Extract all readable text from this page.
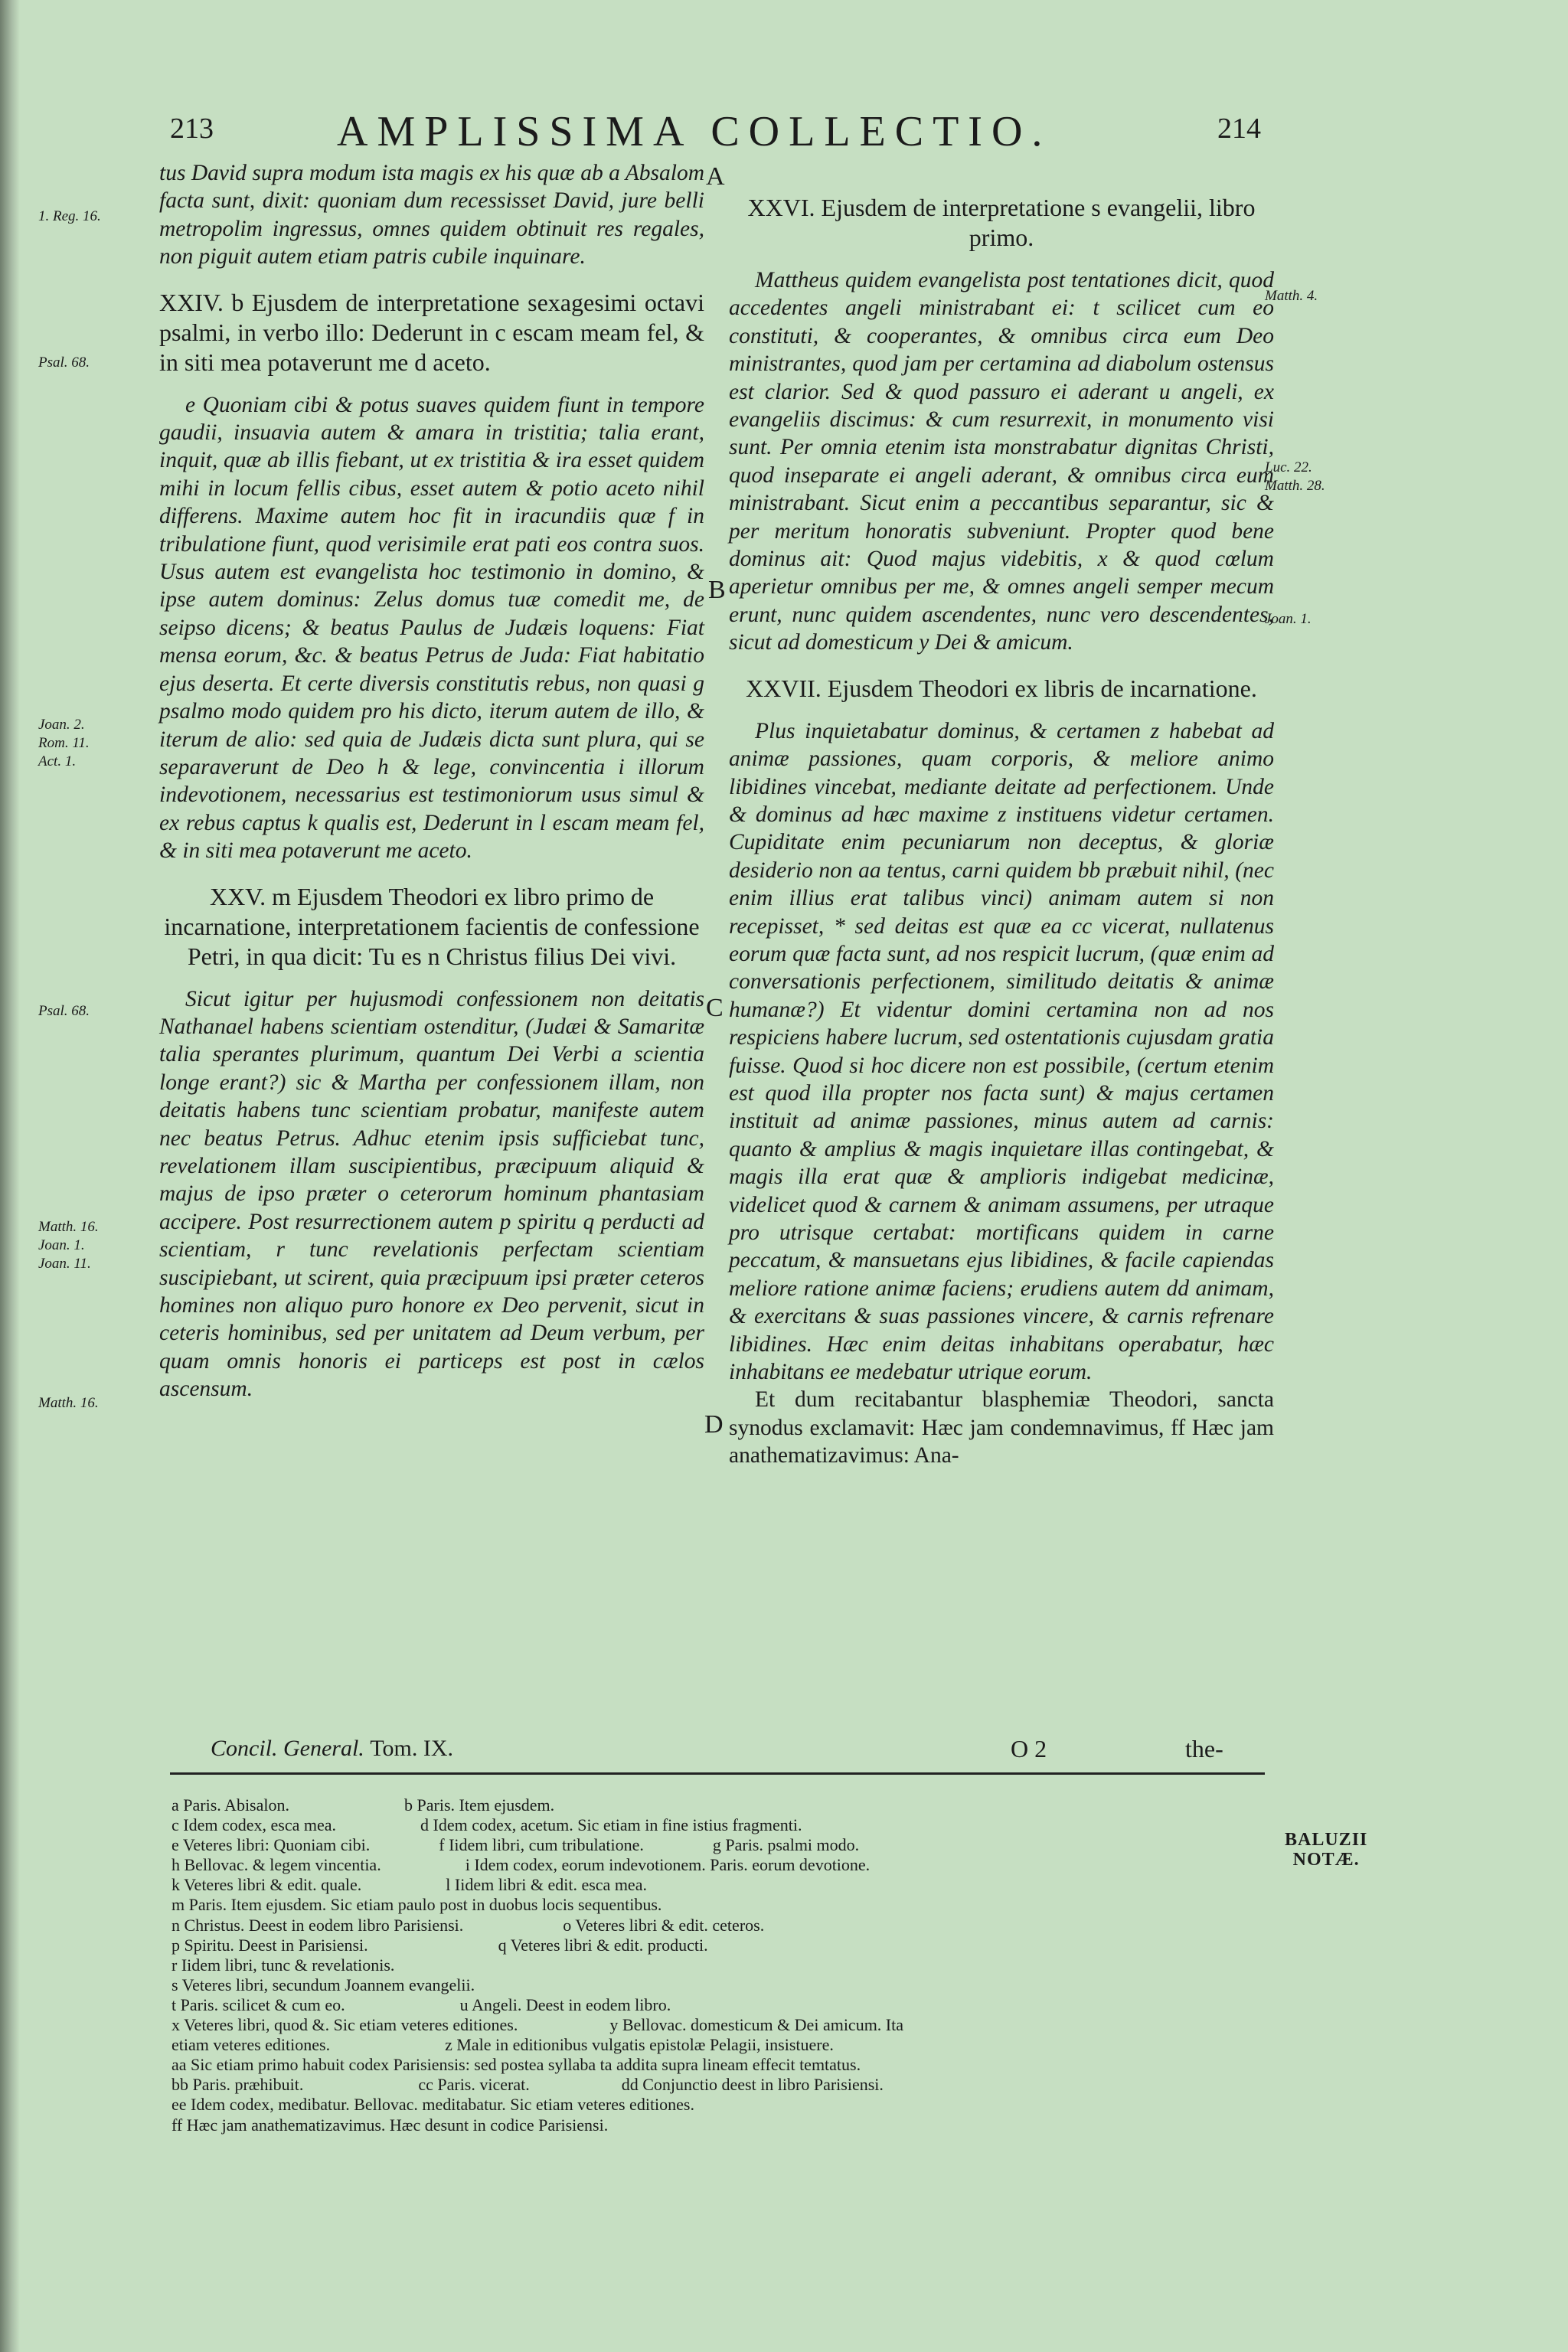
213	AMPLISSIMA COLLECTIO.	214

tus David supra modum ista magis ex his quæ ab a Absalom facta sunt, dixit: quoniam dum recessisset David, jure belli metropolim ingressus, omnes quidem obtinuit res regales, non piguit autem etiam patris cubile inquinare.

XXIV. b Ejusdem de interpretatione sexagesimi octavi psalmi, in verbo illo: Dederunt in c escam meam fel, & in siti mea potaverunt me d aceto.

e Quoniam cibi & potus suaves quidem fiunt in tempore gaudii, insuavia autem & amara in tristitia; talia erant, inquit, quæ ab illis fiebant, ut ex tristitia & ira esset quidem mihi in locum fellis cibus, esset autem & potio aceto nihil differens. Maxime autem hoc fit in iracundiis quæ f in tribulatione fiunt, quod verisimile erat pati eos contra suos. Usus autem est evangelista hoc testimonio in domino, & ipse autem dominus: Zelus domus tuæ comedit me, de seipso dicens; & beatus Paulus de Judæis loquens: Fiat mensa eorum, &c. & beatus Petrus de Juda: Fiat habitatio ejus deserta. Et certe diversis constitutis rebus, non quasi g psalmo modo quidem pro his dicto, iterum autem de illo, & iterum de alio: sed quia de Judæis dicta sunt plura, qui se separaverunt de Deo h & lege, convincentia i illorum indevotionem, necessarius est testimoniorum usus simul & ex rebus captus k qualis est, Dederunt in l escam meam fel, & in siti mea potaverunt me aceto.

XXV. m Ejusdem Theodori ex libro primo de incarnatione, interpretationem facientis de confessione Petri, in qua dicit: Tu es n Christus filius Dei vivi.

Sicut igitur per hujusmodi confessionem non deitatis Nathanael habens scientiam ostenditur, (Judæi & Samaritæ talia sperantes plurimum, quantum Dei Verbi a scientia longe erant?) sic & Martha per confessionem illam, non deitatis habens tunc scientiam probatur, manifeste autem nec beatus Petrus. Adhuc etenim ipsis sufficiebat tunc, revelationem illam suscipientibus, præcipuum aliquid & majus de ipso præter o ceterorum hominum phantasiam accipere. Post resurrectionem autem p spiritu q perducti ad scientiam, r tunc revelationis perfectam scientiam suscipiebant, ut scirent, quia præcipuum ipsi præter ceteros homines non aliquo puro honore ex Deo pervenit, sicut in ceteris hominibus, sed per unitatem ad Deum verbum, per quam omnis honoris ei particeps est post in cælos ascensum.

XXVI. Ejusdem de interpretatione s evangelii, libro primo.

Mattheus quidem evangelista post tentationes dicit, quod accedentes angeli ministrabant ei: t scilicet cum eo constituti, & cooperantes, & omnibus circa eum Deo ministrantes, quod jam per certamina ad diabolum ostensus est clarior. Sed & quod passuro ei aderant u angeli, ex evangeliis discimus: & cum resurrexit, in monumento visi sunt. Per omnia etenim ista monstrabatur dignitas Christi, quod inseparate ei angeli aderant, & omnibus circa eum ministrabant. Sicut enim a peccantibus separantur, sic & per meritum honoratis subveniunt. Propter quod bene dominus ait: Quod majus videbitis, x & quod cœlum aperietur omnibus per me, & omnes angeli semper mecum erunt, nunc quidem ascendentes, nunc vero descendentes, sicut ad domesticum y Dei & amicum.

XXVII. Ejusdem Theodori ex libris de incarnatione.

Plus inquietabatur dominus, & certamen z habebat ad animæ passiones, quam corporis, & meliore animo libidines vincebat, mediante deitate ad perfectionem. Unde & dominus ad hæc maxime z instituens videtur certamen. Cupiditate enim pecuniarum non deceptus, & gloriæ desiderio non aa tentus, carni quidem bb præbuit nihil, (nec enim illius erat talibus vinci) animam autem si non recepisset, * sed deitas est quæ ea cc vicerat, nullatenus eorum quæ facta sunt, ad nos respicit lucrum, (quæ enim ad conversationis perfectionem, similitudo deitatis & animæ humanæ?) Et videntur domini certamina non ad nos respiciens habere lucrum, sed ostentationis cujusdam gratia fuisse. Quod si hoc dicere non est possibile, (certum etenim est quod illa propter nos facta sunt) & majus certamen instituit ad animæ passiones, minus autem ad carnis: quanto & amplius & magis inquietare illas contingebat, & magis illa erat quæ & amplioris indigebat medicinæ, videlicet quod & carnem & animam assumens, per utraque pro utrisque certabat: mortificans quidem in carne peccatum, & mansuetans ejus libidines, & facile capiendas meliore ratione animæ faciens; erudiens autem dd animam, & exercitans & suas passiones vincere, & carnis refrenare libidines. Hæc enim deitas inhabitans operabatur, hæc inhabitans ee medebatur utrique eorum.

Et dum recitabantur blasphemiæ Theodori, sancta synodus exclamavit: Hæc jam condemnavimus, ff Hæc jam anathematizavimus: Ana-

A
B
C
D
1. Reg. 16.
Psal. 68.
Joan. 2.
Rom. 11.
Act. 1.
Psal. 68.
Matth. 16.
Joan. 1.
Joan. 11.
Matth. 16.
Matth. 4.
Luc. 22.
Matth. 28.
Joan. 1.
Concil. General. Tom. IX.	O 2	the-
a Paris. Abisalon.	b Paris. Item ejusdem.
c Idem codex, esca mea.	d Idem codex, acetum. Sic etiam in fine istius fragmenti.
e Veteres libri: Quoniam cibi.	f Iidem libri, cum tribulatione.	g Paris. psalmi modo.
h Bellovac. & legem vincentia.	i Idem codex, eorum indevotionem. Paris. eorum devotione.
k Veteres libri & edit. quale.	l Iidem libri & edit. esca mea.
m Paris. Item ejusdem. Sic etiam paulo post in duobus locis sequentibus.
n Christus. Deest in eodem libro Parisiensi.	o Veteres libri & edit. ceteros.
p Spiritu. Deest in Parisiensi.	q Veteres libri & edit. producti.
r Iidem libri, tunc & revelationis.
s Veteres libri, secundum Joannem evangelii.
t Paris. scilicet & cum eo.	u Angeli. Deest in eodem libro.
x Veteres libri, quod &. Sic etiam veteres editiones.	y Bellovac. domesticum & Dei amicum. Ita
etiam veteres editiones.	z Male in editionibus vulgatis epistolæ Pelagii, insistuere.
aa Sic etiam primo habuit codex Parisiensis: sed postea syllaba ta addita supra lineam effecit temtatus.
bb Paris. præhibuit.	cc Paris. vicerat.	dd Conjunctio deest in libro Parisiensi.
ee Idem codex, medibatur. Bellovac. meditabatur. Sic etiam veteres editiones.
ff Hæc jam anathematizavimus. Hæc desunt in codice Parisiensi.
BALUZII
NOTÆ.
